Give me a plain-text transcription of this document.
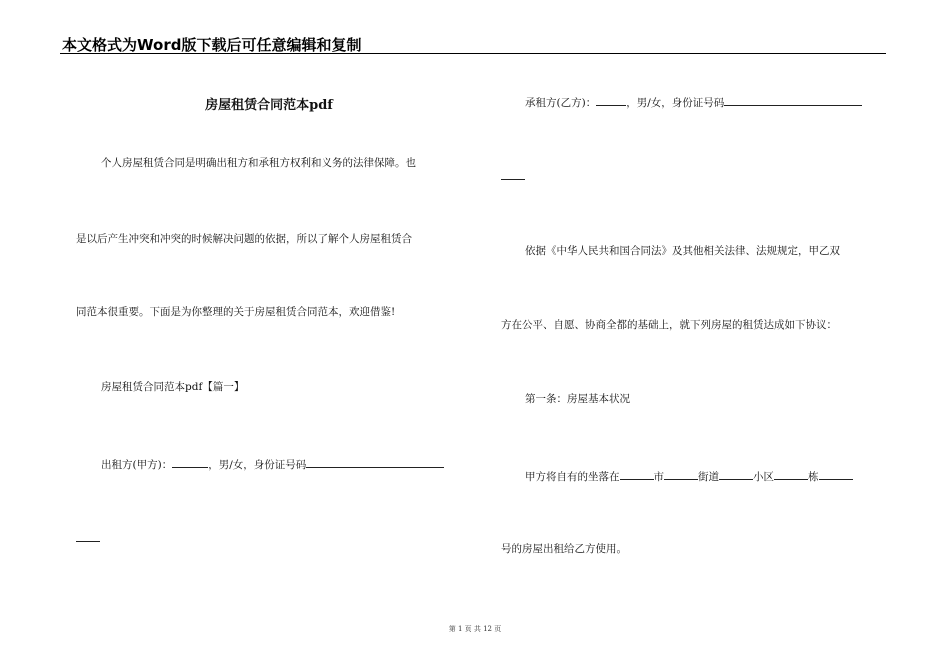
本文格式为Word版下载后可任意编辑和复制
房屋租赁合同范本pdf
个人房屋租赁合同是明确出租方和承租方权利和义务的法律保障。也
是以后产生冲突和冲突的时候解决问题的依据，所以了解个人房屋租赁合
同范本很重要。下面是为你整理的关于房屋租赁合同范本，欢迎借鉴!
房屋租赁合同范本pdf【篇一】
出租方(甲方)：	，男/女，身份证号码
承租方(乙方)：	，男/女，身份证号码
依据《中华人民共和国合同法》及其他相关法律、法规规定，甲乙双
方在公平、自愿、协商全都的基础上，就下列房屋的租赁达成如下协议：
第一条：房屋基本状况
甲方将自有的坐落在	市	街道	小区	栋
号的房屋出租给乙方使用。
第 1 页 共 12 页
